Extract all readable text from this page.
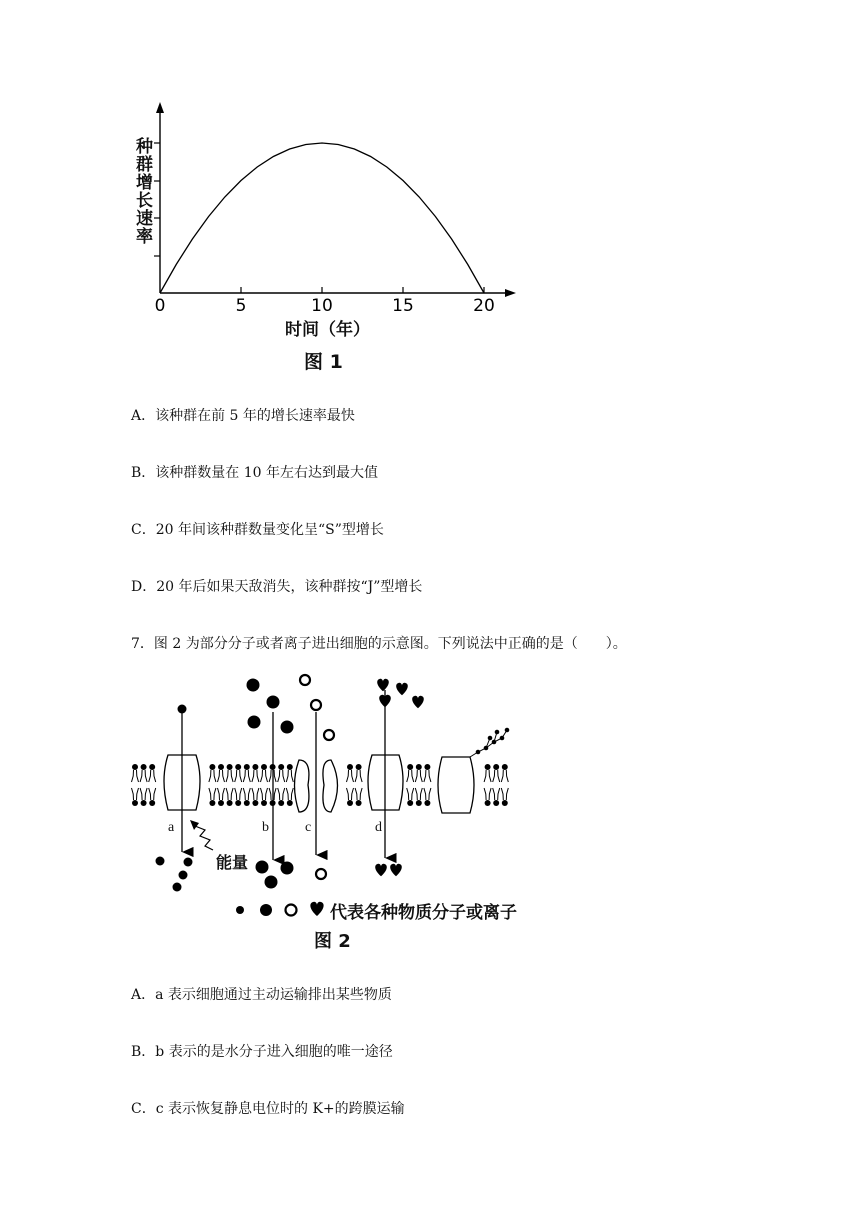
种群增长速率
0	5	10	15	20
时间（年）
图 1
A．该种群在前 5 年的增长速率最快
B．该种群数量在 10 年左右达到最大值
C．20 年间该种群数量变化呈“S”型增长
D．20 年后如果天敌消失，该种群按“J”型增长
7．图 2 为部分分子或者离子进出细胞的示意图。下列说法中正确的是（　　）。
a	b	c	d
能量
代表各种物质分子或离子
图 2
A．a 表示细胞通过主动运输排出某些物质
B．b 表示的是水分子进入细胞的唯一途径
C．c 表示恢复静息电位时的 K+的跨膜运输
